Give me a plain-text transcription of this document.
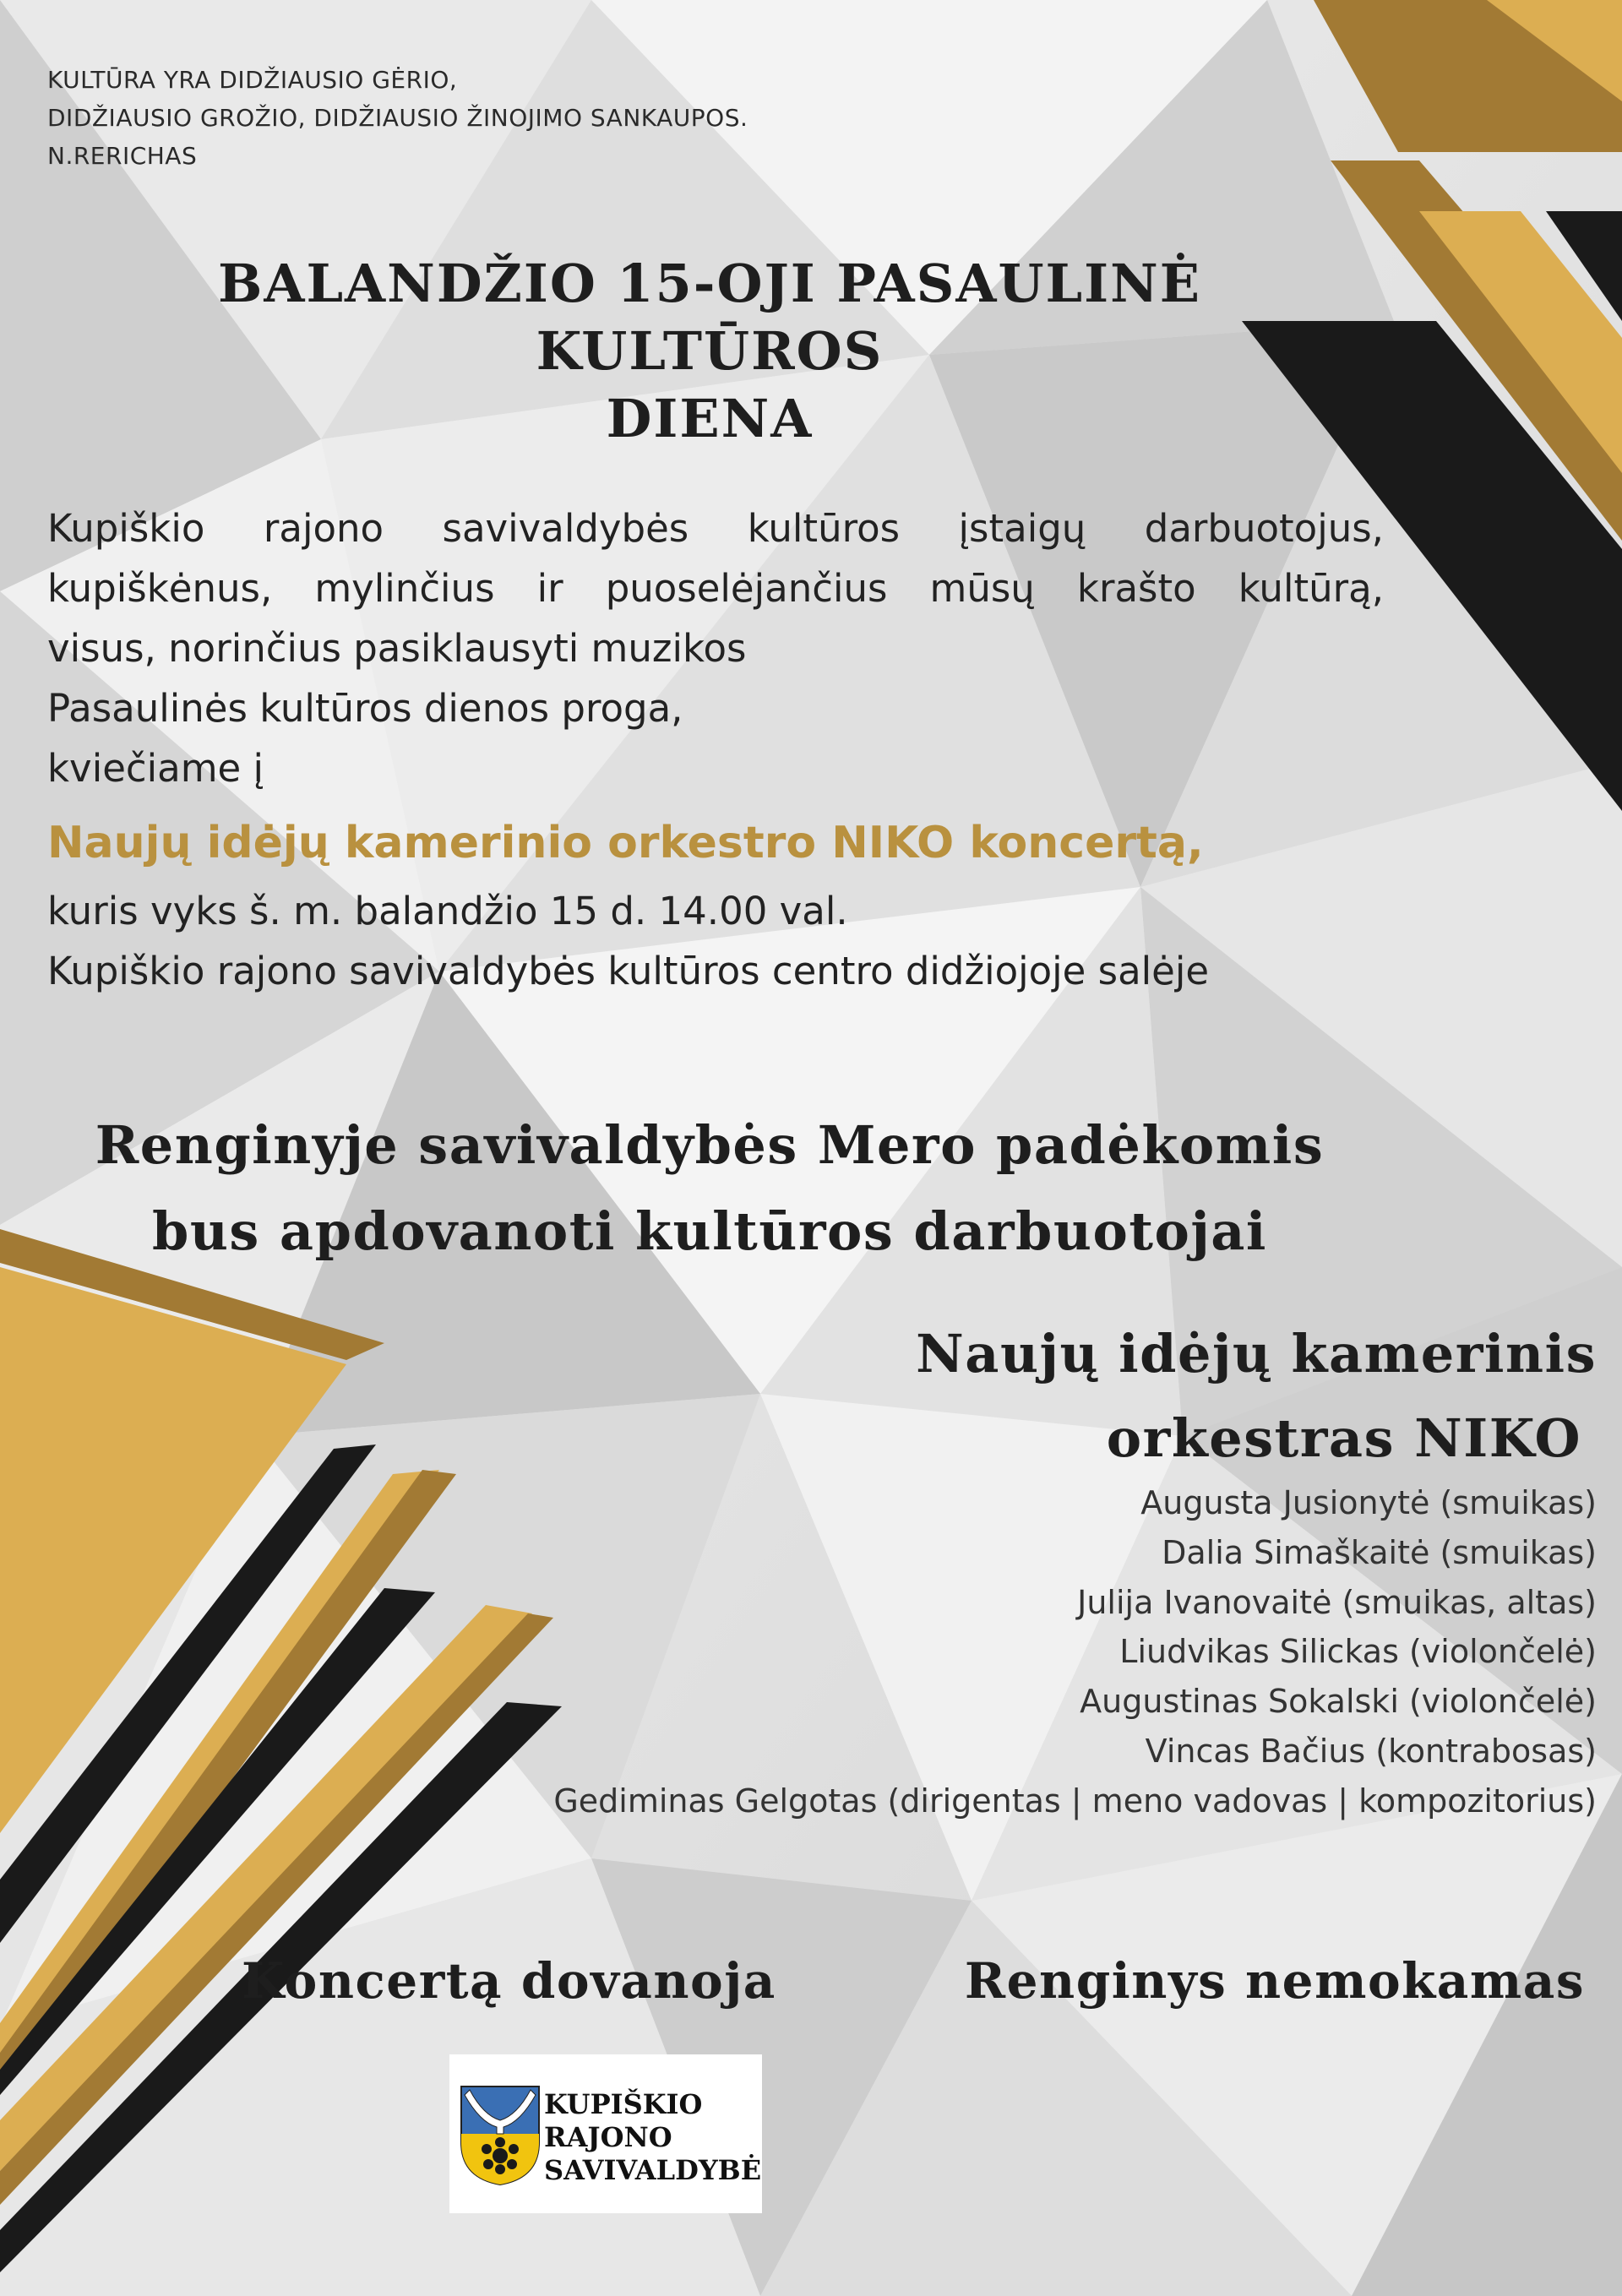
KULTŪRA YRA DIDŽIAUSIO GĖRIO,
DIDŽIAUSIO GROŽIO, DIDŽIAUSIO ŽINOJIMO SANKAUPOS.
N.RERICHAS
BALANDŽIO 15-OJI PASAULINĖ KULTŪROS
DIENA
Kupiškio rajono savivaldybės kultūros įstaigų darbuotojus,
kupiškėnus, mylinčius ir puoselėjančius mūsų krašto kultūrą,
visus, norinčius pasiklausyti muzikos
Pasaulinės kultūros dienos proga,
kviečiame į
Naujų idėjų kamerinio orkestro NIKO koncertą,
kuris vyks š. m. balandžio 15 d. 14.00 val.
Kupiškio rajono savivaldybės kultūros centro didžiojoje salėje
Renginyje savivaldybės Mero padėkomis
bus apdovanoti kultūros darbuotojai
Naujų idėjų kamerinis
orkestras NIKO
Augusta Jusionytė (smuikas)
Dalia Simaškaitė (smuikas)
Julija Ivanovaitė (smuikas, altas)
Liudvikas Silickas (violončelė)
Augustinas Sokalski (violončelė)
Vincas Bačius (kontrabosas)
Gediminas Gelgotas (dirigentas | meno vadovas | kompozitorius)
Koncertą dovanoja	Renginys nemokamas
KUPIŠKIO
RAJONO
SAVIVALDYBĖ
